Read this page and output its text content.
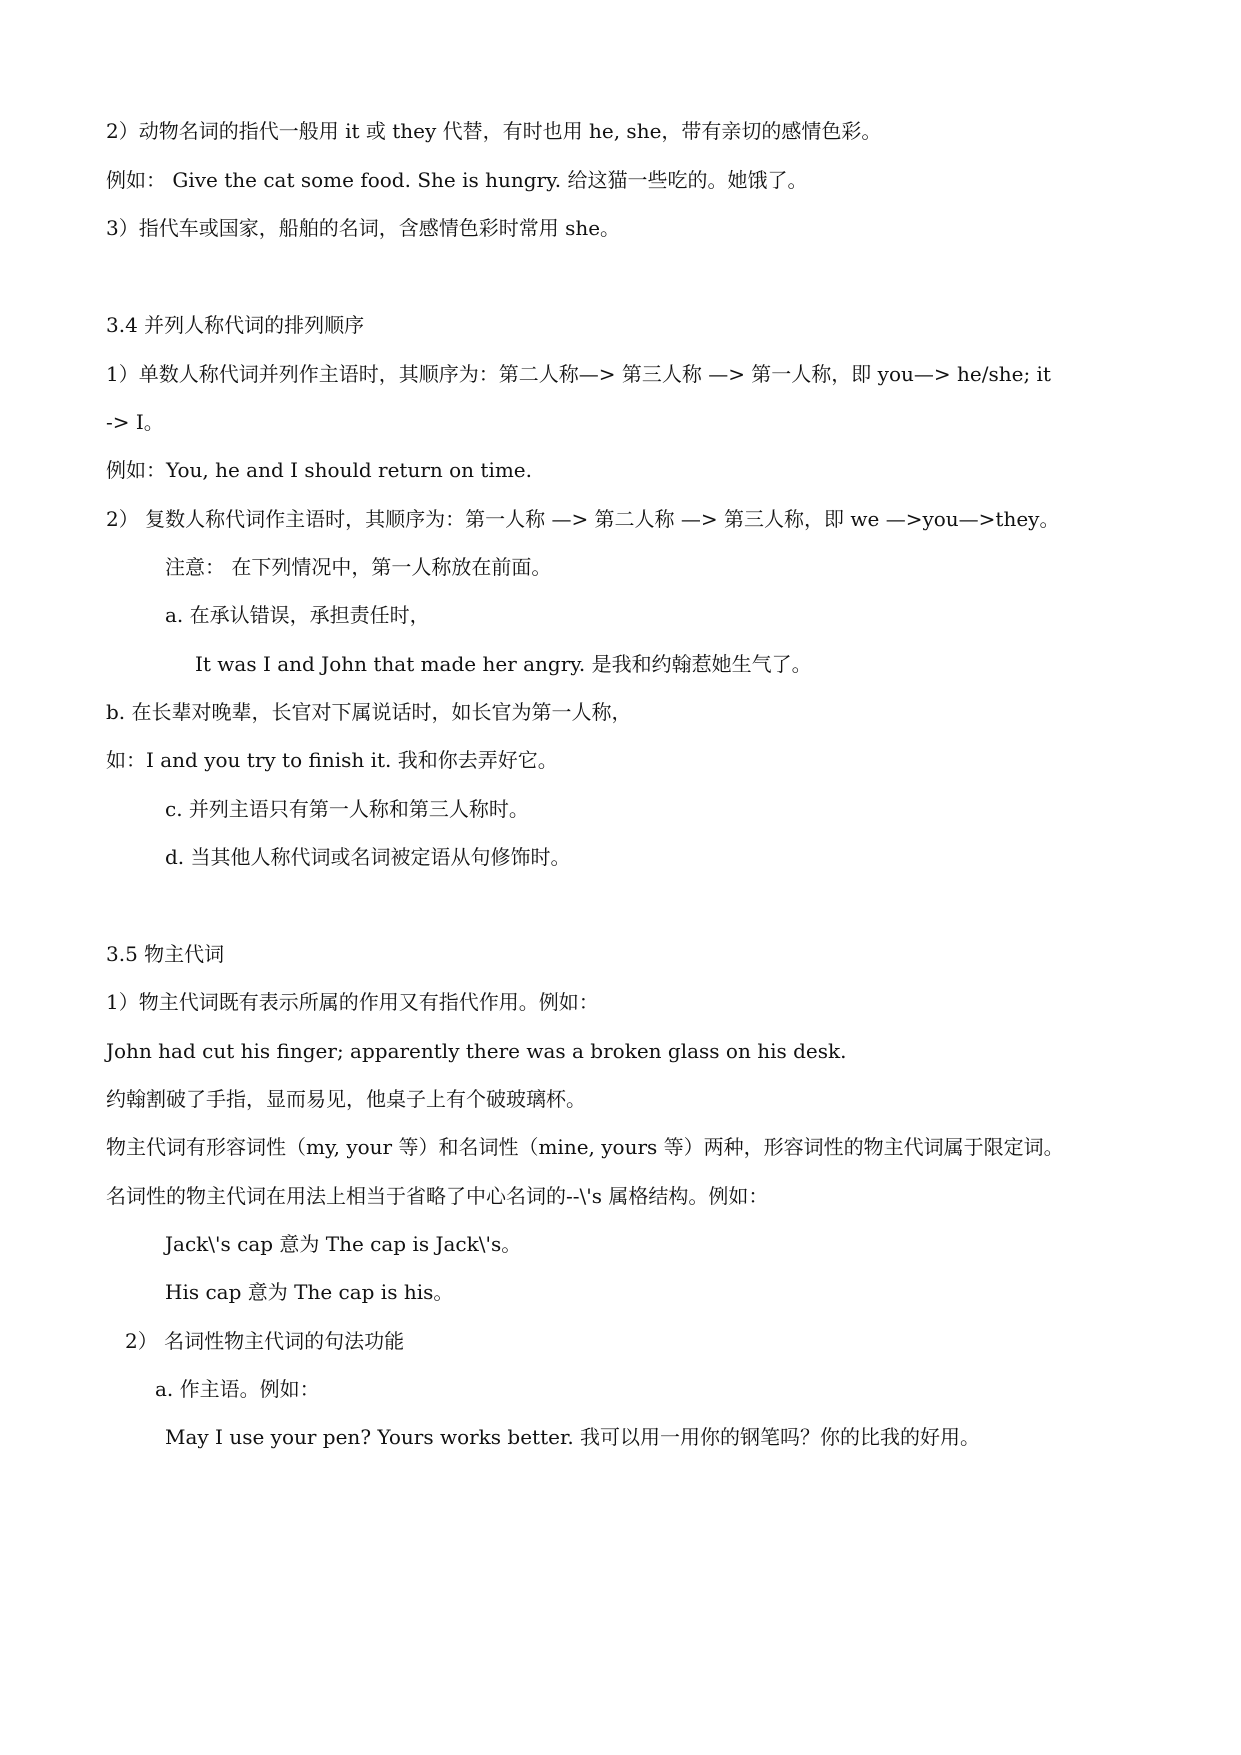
2）动物名词的指代一般用 it 或 they 代替，有时也用 he, she，带有亲切的感情色彩。
例如： Give the cat some food. She is hungry. 给这猫一些吃的。她饿了。
3）指代车或国家，船舶的名词，含感情色彩时常用 she。
3.4 并列人称代词的排列顺序
1）单数人称代词并列作主语时，其顺序为：第二人称—> 第三人称 —> 第一人称，即 you—> he/she; it
-> I。
例如：You, he and I should return on time.
2） 复数人称代词作主语时，其顺序为：第一人称 —> 第二人称 —> 第三人称，即 we —>you—>they。
注意： 在下列情况中，第一人称放在前面。
a. 在承认错误，承担责任时，
It was I and John that made her angry. 是我和约翰惹她生气了。
b. 在长辈对晚辈，长官对下属说话时，如长官为第一人称，
如：I and you try to finish it. 我和你去弄好它。
c. 并列主语只有第一人称和第三人称时。
d. 当其他人称代词或名词被定语从句修饰时。
3.5 物主代词
1）物主代词既有表示所属的作用又有指代作用。例如：
John had cut his finger; apparently there was a broken glass on his desk.
约翰割破了手指，显而易见，他桌子上有个破玻璃杯。
物主代词有形容词性（my, your 等）和名词性（mine, yours 等）两种，形容词性的物主代词属于限定词。
名词性的物主代词在用法上相当于省略了中心名词的--\'s 属格结构。例如：
Jack\'s cap 意为 The cap is Jack\'s。
His cap 意为 The cap is his。
2） 名词性物主代词的句法功能
a. 作主语。例如：
May I use your pen? Yours works better. 我可以用一用你的钢笔吗？你的比我的好用。
